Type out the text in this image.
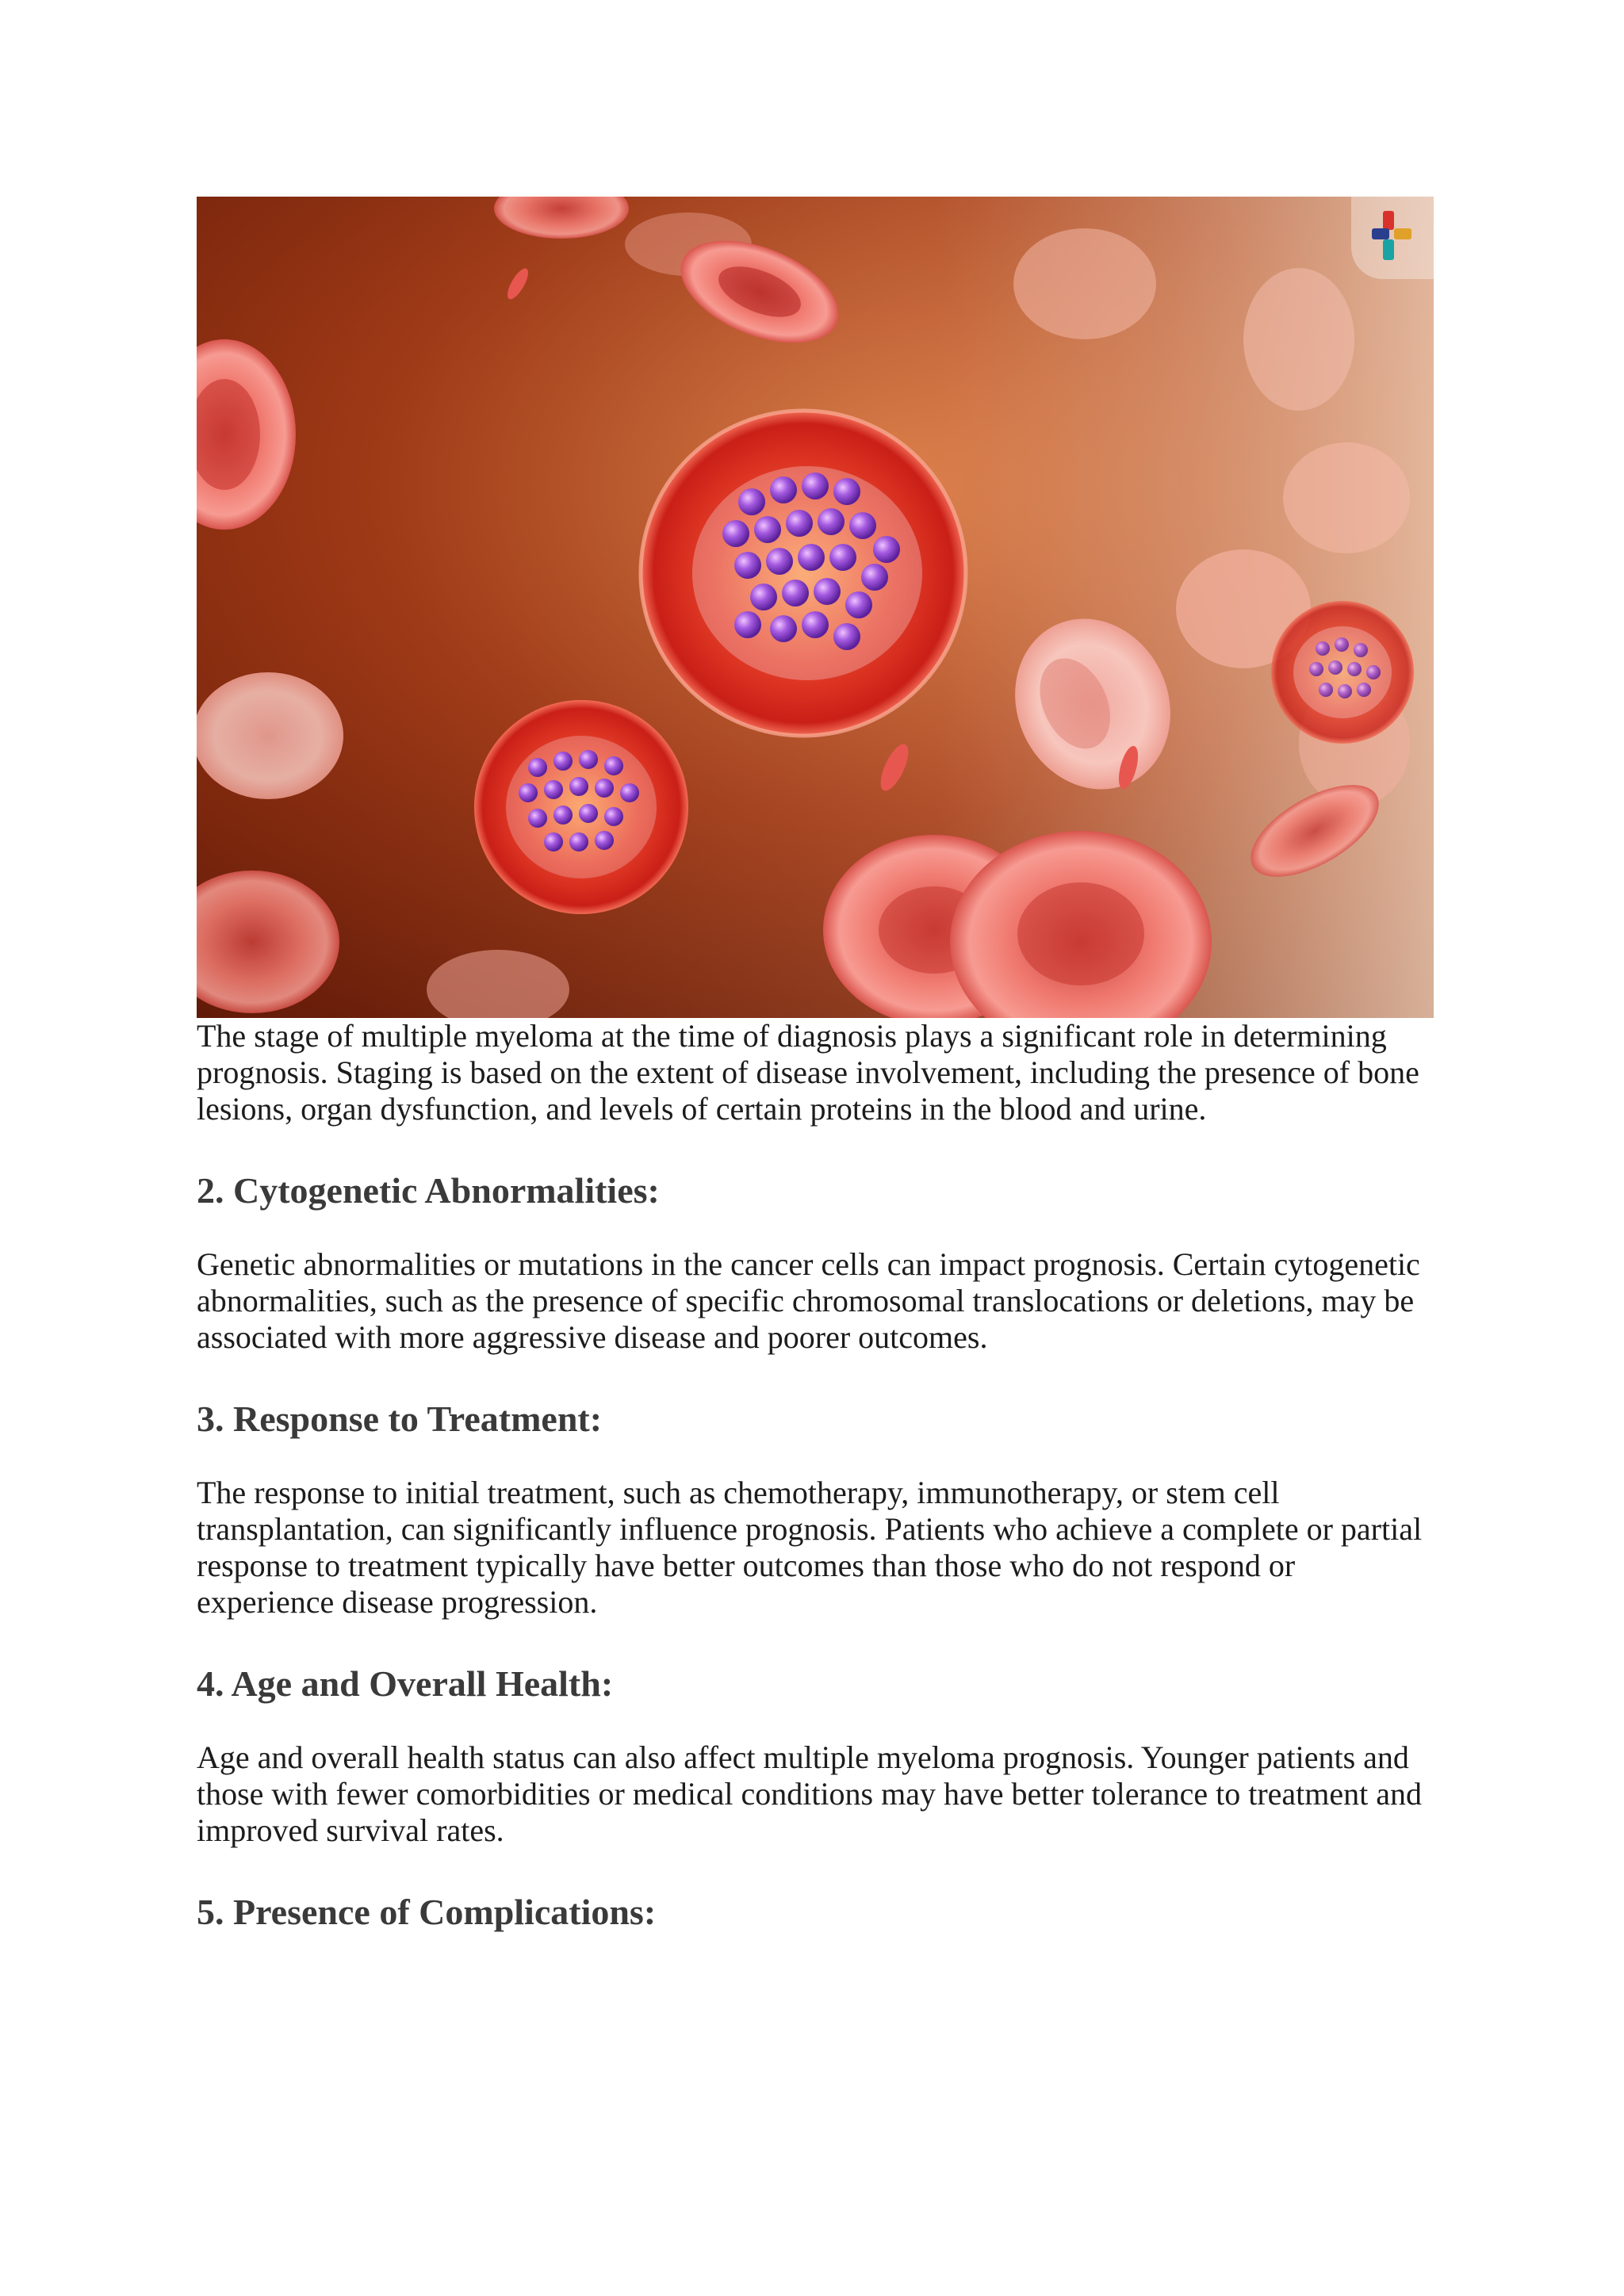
The stage of multiple myeloma at the time of diagnosis plays a significant role in determining prognosis. Staging is based on the extent of disease involvement, including the presence of bone lesions, organ dysfunction, and levels of certain proteins in the blood and urine.

2. Cytogenetic Abnormalities:

Genetic abnormalities or mutations in the cancer cells can impact prognosis. Certain cytogenetic abnormalities, such as the presence of specific chromosomal translocations or deletions, may be associated with more aggressive disease and poorer outcomes.

3. Response to Treatment:

The response to initial treatment, such as chemotherapy, immunotherapy, or stem cell transplantation, can significantly influence prognosis. Patients who achieve a complete or partial response to treatment typically have better outcomes than those who do not respond or experience disease progression.

4. Age and Overall Health:

Age and overall health status can also affect multiple myeloma prognosis. Younger patients and those with fewer comorbidities or medical conditions may have better tolerance to treatment and improved survival rates.

5. Presence of Complications:
